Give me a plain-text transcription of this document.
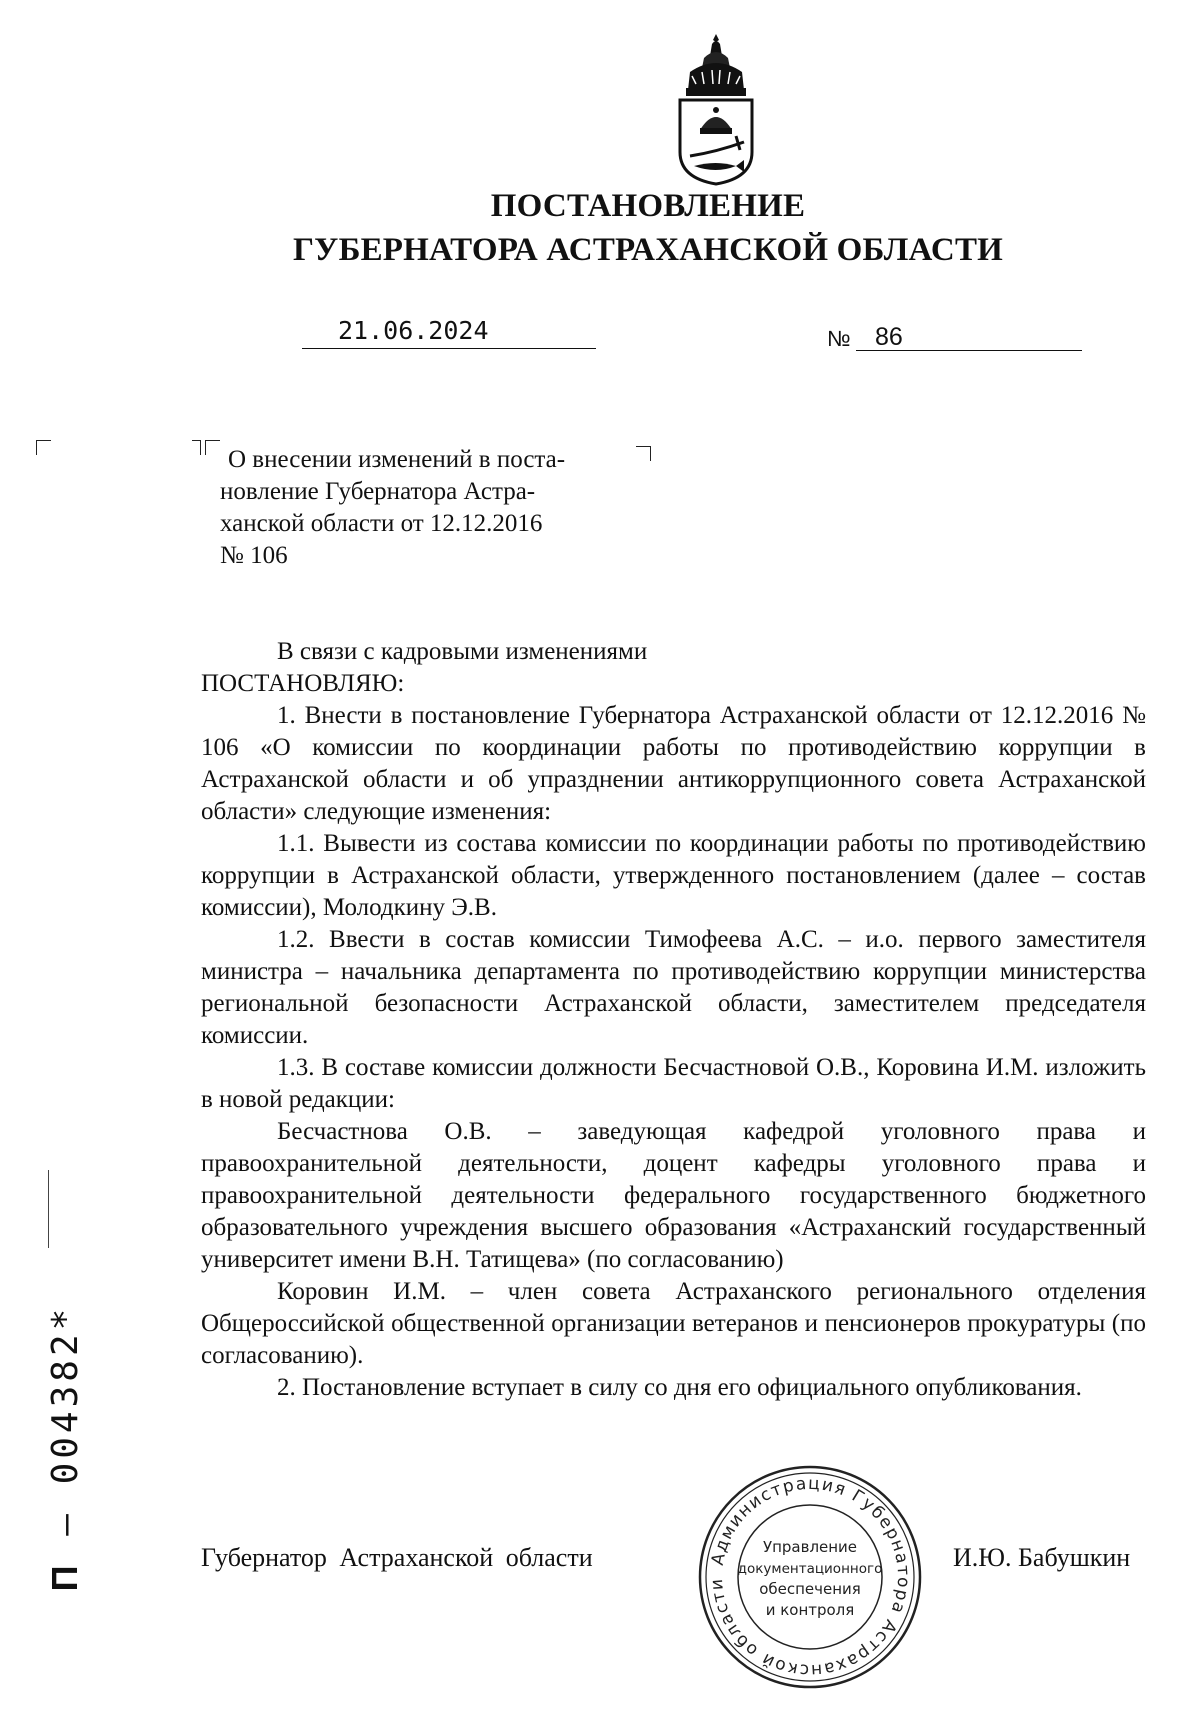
ПОСТАНОВЛЕНИЕ
ГУБЕРНАТОРА АСТРАХАНСКОЙ ОБЛАСТИ
21.06.2024	№ 86
О внесении изменений в поста-
новление Губернатора Астра-
ханской области от 12.12.2016
№ 106

В связи с кадровыми изменениями

ПОСТАНОВЛЯЮ:

1. Внести в постановление Губернатора Астраханской области от 12.12.2016 № 106 «О комиссии по координации работы по противодействию коррупции в Астраханской области и об упразднении антикоррупционного совета Астраханской области» следующие изменения:

1.1. Вывести из состава комиссии по координации работы по противодействию коррупции в Астраханской области, утвержденного постановлением (далее – состав комиссии), Молодкину Э.В.

1.2. Ввести в состав комиссии Тимофеева А.С. – и.о. первого заместителя министра – начальника департамента по противодействию коррупции министерства региональной безопасности Астраханской области, заместителем председателя комиссии.

1.3. В составе комиссии должности Бесчастновой О.В., Коровина И.М. изложить в новой редакции:

Бесчастнова О.В. – заведующая кафедрой уголовного права и правоохранительной деятельности, доцент кафедры уголовного права и правоохранительной деятельности федерального государственного бюджетного образовательного учреждения высшего образования «Астраханский государственный университет имени В.Н. Татищева» (по согласованию)

Коровин И.М. – член совета Астраханского регионального отделения Общероссийской общественной организации ветеранов и пенсионеров прокуратуры (по согласованию).

2. Постановление вступает в силу со дня его официального опубликования.

Губернатор Астраханской области	И.Ю. Бабушкин
Администрация Губернатора Астраханской области
Управление
документационного
обеспечения
и контроля
П – 004382*
